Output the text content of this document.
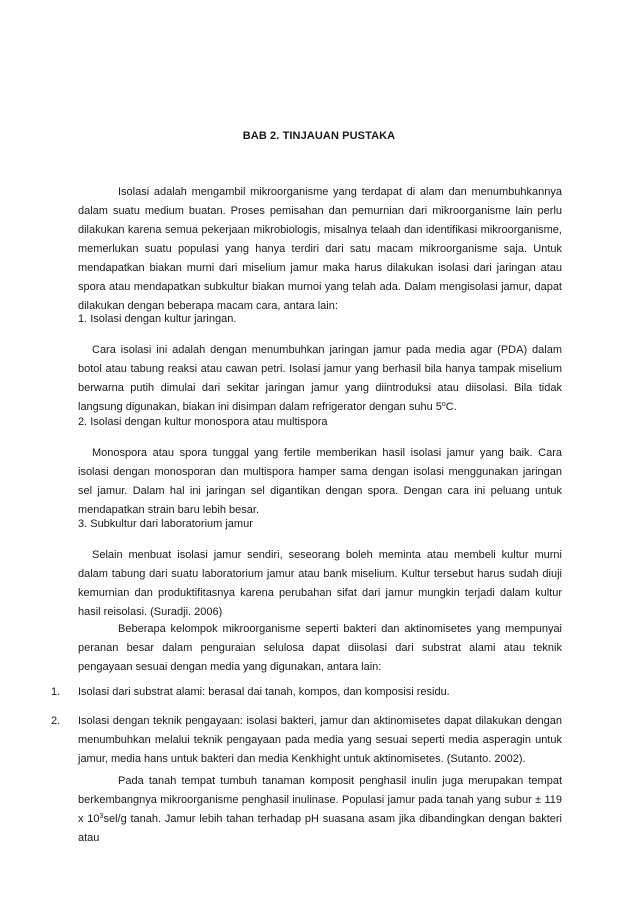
BAB 2. TINJAUAN PUSTAKA

Isolasi adalah mengambil mikroorganisme yang terdapat di alam dan menumbuhkannya dalam suatu medium buatan. Proses pemisahan dan pemurnian dari mikroorganisme lain perlu dilakukan karena semua pekerjaan mikrobiologis, misalnya telaah dan identifikasi mikroorganisme, memerlukan suatu populasi yang hanya terdiri dari satu macam mikroorganisme saja. Untuk mendapatkan biakan murni dari miselium jamur maka harus dilakukan isolasi dari jaringan atau spora atau mendapatkan subkultur biakan murnoi yang telah ada. Dalam mengisolasi jamur, dapat dilakukan dengan beberapa macam cara, antara lain:

1. Isolasi dengan kultur jaringan.

Cara isolasi ini adalah dengan menumbuhkan jaringan jamur pada media agar (PDA) dalam botol atau tabung reaksi atau cawan petri. Isolasi jamur yang berhasil bila hanya tampak miselium berwarna putih dimulai dari sekitar jaringan jamur yang diintroduksi atau diisolasi. Bila tidak langsung digunakan, biakan ini disimpan dalam refrigerator dengan suhu 5$^o$C.

2. Isolasi dengan kultur monospora atau multispora

Monospora atau spora tunggal yang fertile memberikan hasil isolasi jamur yang baik. Cara isolasi dengan monosporan dan multispora hamper sama dengan isolasi menggunakan jaringan sel jamur. Dalam hal ini jaringan sel digantikan dengan spora. Dengan cara ini peluang untuk mendapatkan strain baru lebih besar.

3. Subkultur dari laboratorium jamur

Selain menbuat isolasi jamur sendiri, seseorang boleh meminta atau membeli kultur murni dalam tabung dari suatu laboratorium jamur atau bank miselium. Kultur tersebut harus sudah diuji kemurnian dan produktifitasnya karena perubahan sifat dari jamur mungkin terjadi dalam kultur hasil reisolasi. (Suradji. 2006)

Beberapa kelompok mikroorganisme seperti bakteri dan aktinomisetes yang mempunyai peranan besar dalam penguraian selulosa dapat diisolasi dari substrat alami atau teknik pengayaan sesuai dengan media yang digunakan, antara lain:

1. Isolasi dari substrat alami: berasal dai tanah, kompos, dan komposisi residu.
2. Isolasi dengan teknik pengayaan: isolasi bakteri, jamur dan aktinomisetes dapat dilakukan dengan menumbuhkan melalui teknik pengayaan pada media yang sesuai seperti media asperagin untuk jamur, media hans untuk bakteri dan media Kenkhight untuk aktinomisetes. (Sutanto. 2002).

Pada tanah tempat tumbuh tanaman komposit penghasil inulin juga merupakan tempat berkembangnya mikroorganisme penghasil inulinase. Populasi jamur pada tanah yang subur ± 119 x $10^3sel/g$ tanah. Jamur lebih tahan terhadap pH suasana asam jika dibandingkan dengan bakteri atau
